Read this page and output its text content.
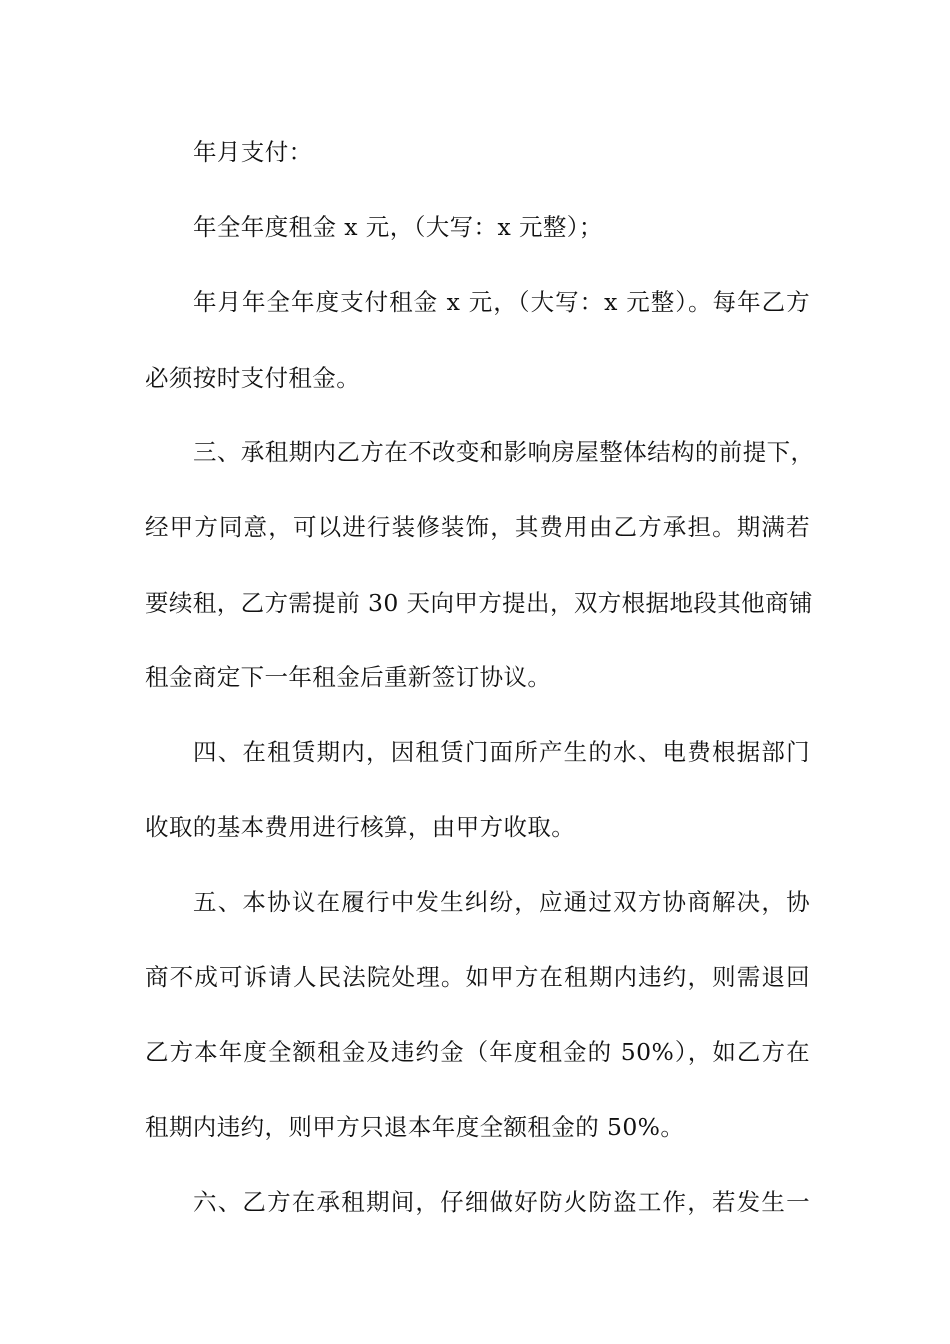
年月支付：
年全年度租金 x 元，（大写：x 元整）；
年月年全年度支付租金 x 元，（大写：x 元整）。每年乙方
必须按时支付租金。
三、承租期内乙方在不改变和影响房屋整体结构的前提下，
经甲方同意，可以进行装修装饰，其费用由乙方承担。期满若
要续租，乙方需提前 30 天向甲方提出，双方根据地段其他商铺
租金商定下一年租金后重新签订协议。
四、在租赁期内，因租赁门面所产生的水、电费根据部门
收取的基本费用进行核算，由甲方收取。
五、本协议在履行中发生纠纷，应通过双方协商解决，协
商不成可诉请人民法院处理。如甲方在租期内违约，则需退回
乙方本年度全额租金及违约金（年度租金的 50%），如乙方在
租期内违约，则甲方只退本年度全额租金的 50%。
六、乙方在承租期间，仔细做好防火防盗工作，若发生一
